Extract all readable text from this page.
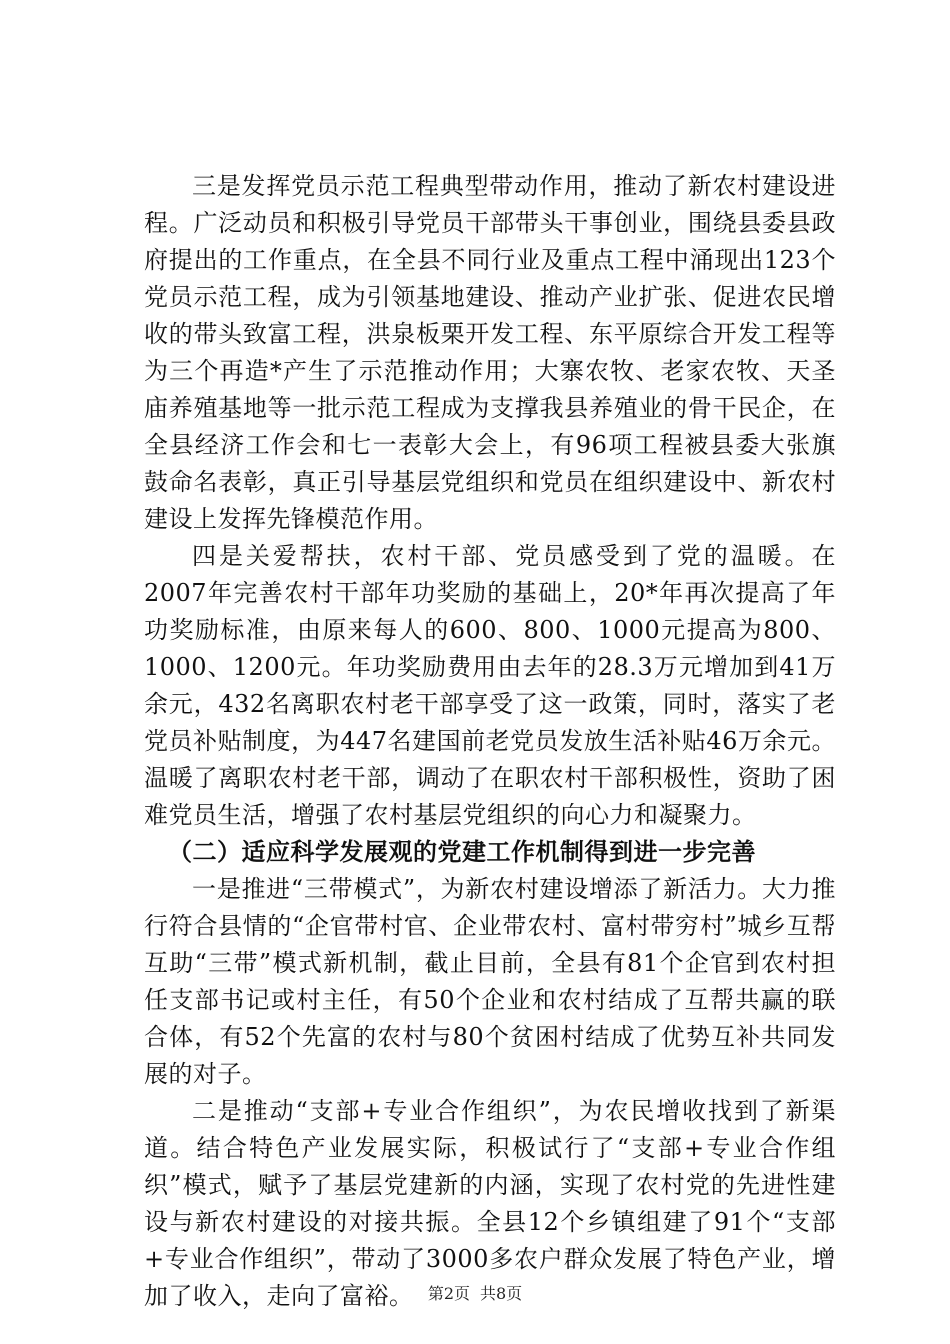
三是发挥党员示范工程典型带动作用，推动了新农村建设进程。广泛动员和积极引导党员干部带头干事创业，围绕县委县政府提出的工作重点，在全县不同行业及重点工程中涌现出123个党员示范工程，成为引领基地建设、推动产业扩张、促进农民增收的带头致富工程，洪泉板栗开发工程、东平原综合开发工程等为三个再造*产生了示范推动作用；大寨农牧、老家农牧、天圣庙养殖基地等一批示范工程成为支撑我县养殖业的骨干民企，在全县经济工作会和七一表彰大会上，有96项工程被县委大张旗鼓命名表彰，真正引导基层党组织和党员在组织建设中、新农村建设上发挥先锋模范作用。

四是关爱帮扶，农村干部、党员感受到了党的温暖。在2007年完善农村干部年功奖励的基础上，20*年再次提高了年功奖励标准，由原来每人的600、800、1000元提高为800、1000、1200元。年功奖励费用由去年的28.3万元增加到41万余元，432名离职农村老干部享受了这一政策，同时，落实了老党员补贴制度，为447名建国前老党员发放生活补贴46万余元。温暖了离职农村老干部，调动了在职农村干部积极性，资助了困难党员生活，增强了农村基层党组织的向心力和凝聚力。

（二）适应科学发展观的党建工作机制得到进一步完善

一是推进“三带模式”，为新农村建设增添了新活力。大力推行符合县情的“企官带村官、企业带农村、富村带穷村”城乡互帮互助“三带”模式新机制，截止目前，全县有81个企官到农村担任支部书记或村主任，有50个企业和农村结成了互帮共赢的联合体，有52个先富的农村与80个贫困村结成了优势互补共同发展的对子。

二是推动“支部+专业合作组织”，为农民增收找到了新渠道。结合特色产业发展实际，积极试行了“支部+专业合作组织”模式，赋予了基层党建新的内涵，实现了农村党的先进性建设与新农村建设的对接共振。全县12个乡镇组建了91个“支部+专业合作组织”，带动了3000多农户群众发展了特色产业，增加了收入，走向了富裕。 第2页 共8页
